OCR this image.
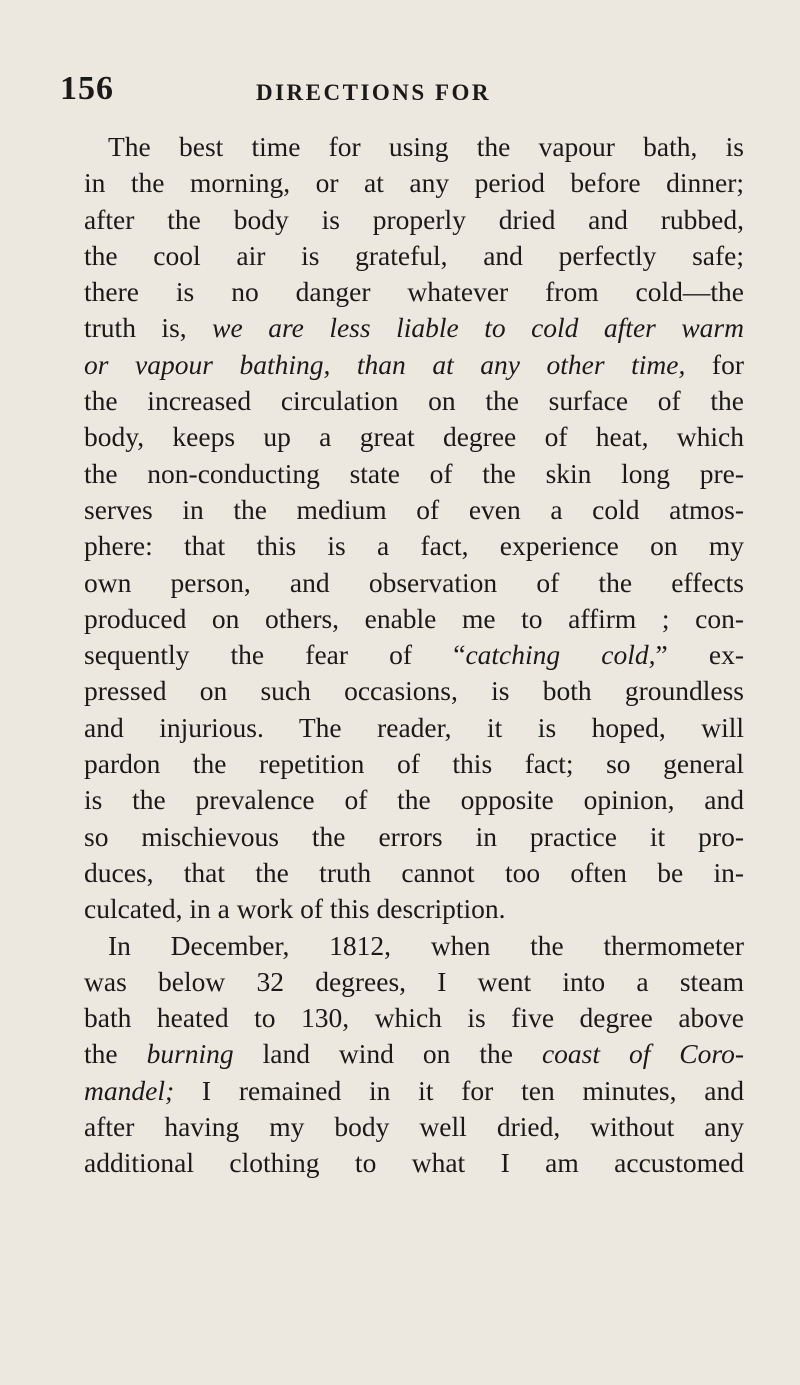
156	DIRECTIONS FOR
The best time for using the vapour bath, is
in the morning, or at any period before dinner;
after the body is properly dried and rubbed,
the cool air is grateful, and perfectly safe;
there is no danger whatever from cold—the
truth is, we are less liable to cold after warm
or vapour bathing, than at any other time, for
the increased circulation on the surface of the
body, keeps up a great degree of heat, which
the non-conducting state of the skin long pre-
serves in the medium of even a cold atmos-
phere: that this is a fact, experience on my
own person, and observation of the effects
produced on others, enable me to affirm ; con-
sequently the fear of “catching cold,” ex-
pressed on such occasions, is both groundless
and injurious. The reader, it is hoped, will
pardon the repetition of this fact; so general
is the prevalence of the opposite opinion, and
so mischievous the errors in practice it pro-
duces, that the truth cannot too often be in-
culcated, in a work of this description.
In December, 1812, when the thermometer
was below 32 degrees, I went into a steam
bath heated to 130, which is five degree above
the burning land wind on the coast of Coro-
mandel; I remained in it for ten minutes, and
after having my body well dried, without any
additional clothing to what I am accustomed
